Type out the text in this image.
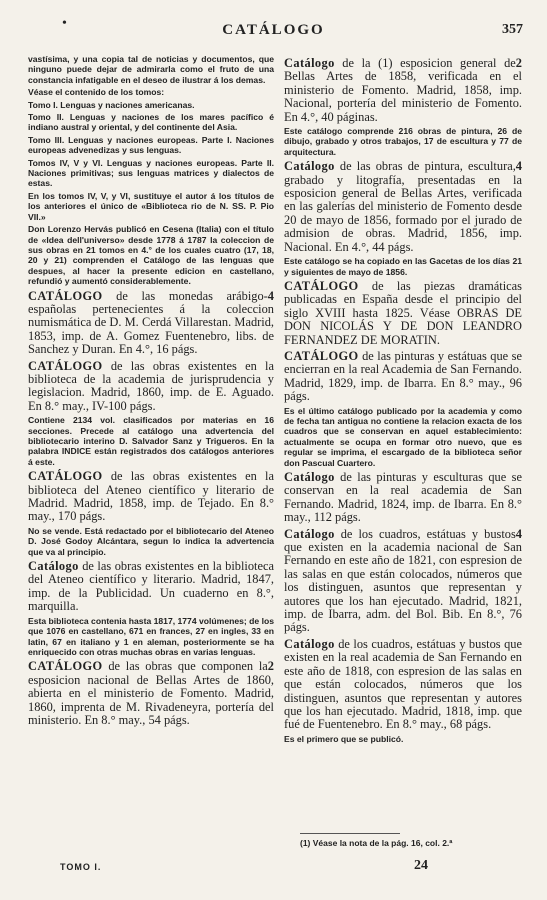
•	CATÁLOGO	357

vastísima, y una copia tal de noticias y documentos, que ninguno puede dejar de admirarla como el fruto de una constancia infatigable en el deseo de ilustrar á los demas.

Véase el contenido de los tomos:

Tomo I. Lenguas y naciones americanas.

Tomo II. Lenguas y naciones de los mares pacífico é indiano austral y oriental, y del continente del Asia.

Tomo III. Lenguas y naciones europeas. Parte I. Naciones europeas advenedizas y sus lenguas.

Tomos IV, V y VI. Lenguas y naciones europeas. Parte II. Naciones primitivas; sus lenguas matrices y dialectos de estas.

En los tomos IV, V, y VI, sustituye el autor á los títulos de los anteriores el único de «Biblioteca rio de N. SS. P. Pio VII.»

Don Lorenzo Hervás publicó en Cesena (Italia) con el título de «Idea dell'universo» desde 1778 á 1787 la coleccion de sus obras en 21 tomos en 4.° de los cuales cuatro (17, 18, 20 y 21) comprenden el Catálogo de las lenguas que despues, al hacer la presente edicion en castellano, refundió y aumentó considerablemente.

4
CATÁLOGO de las monedas arábigo-españolas pertenecientes á la coleccion numismática de D. M. Cerdá Villarestan. Madrid, 1853, imp. de A. Gomez Fuentenebro, libs. de Sanchez y Duran. En 4.°, 16 págs.

CATÁLOGO de las obras existentes en la biblioteca de la academia de jurisprudencia y legislacion. Madrid, 1860, imp. de E. Aguado. En 8.° may., IV-100 págs.

Contiene 2134 vol. clasificados por materias en 16 secciones. Precede al catálogo una advertencia del bibliotecario interino D. Salvador Sanz y Trigueros. En la palabra INDICE están registrados dos catálogos anteriores á este.

CATÁLOGO de las obras existentes en la biblioteca del Ateneo científico y literario de Madrid. Madrid, 1858, imp. de Tejado. En 8.° may., 170 págs.

No se vende. Está redactado por el bibliotecario del Ateneo D. José Godoy Alcántara, segun lo indica la advertencia que va al principio.

Catálogo de las obras existentes en la biblioteca del Ateneo científico y literario. Madrid, 1847, imp. de la Publicidad. Un cuaderno en 8.°, marquilla.

Esta biblioteca contenia hasta 1817, 1774 volúmenes; de los que 1076 en castellano, 671 en frances, 27 en ingles, 33 en latin, 67 en italiano y 1 en aleman, posteriormente se ha enriquecido con otras muchas obras en varias lenguas.

2
CATÁLOGO de las obras que componen la esposicion nacional de Bellas Artes de 1860, abierta en el ministerio de Fomento. Madrid, 1860, imprenta de M. Rivadeneyra, portería del ministerio. En 8.° may., 54 págs.

2
Catálogo de la (1) esposicion general de Bellas Artes de 1858, verificada en el ministerio de Fomento. Madrid, 1858, imp. Nacional, portería del ministerio de Fomento. En 4.°, 40 páginas.

Este catálogo comprende 216 obras de pintura, 26 de dibujo, grabado y otros trabajos, 17 de escultura y 77 de arquitectura.

4
Catálogo de las obras de pintura, escultura, grabado y litografía, presentadas en la esposicion general de Bellas Artes, verificada en las galerías del ministerio de Fomento desde 20 de mayo de 1856, formado por el jurado de admision de obras. Madrid, 1856, imp. Nacional. En 4.°, 44 págs.

Este catálogo se ha copiado en las Gacetas de los días 21 y siguientes de mayo de 1856.

CATÁLOGO de las piezas dramáticas publicadas en España desde el principio del siglo XVIII hasta 1825. Véase OBRAS DE DON NICOLÁS Y DE DON LEANDRO FERNANDEZ DE MORATIN.

CATÁLOGO de las pinturas y estátuas que se encierran en la real Academia de San Fernando. Madrid, 1829, imp. de Ibarra. En 8.° may., 96 págs.

Es el último catálogo publicado por la academia y como de fecha tan antigua no contiene la relacion exacta de los cuadros que se conservan en aquel establecimiento: actualmente se ocupa en formar otro nuevo, que es regular se imprima, el escargado de la biblioteca señor don Pascual Cuartero.

Catálogo de las pinturas y esculturas que se conservan en la real academia de San Fernando. Madrid, 1824, imp. de Ibarra. En 8.° may., 112 págs.

4
Catálogo de los cuadros, estátuas y bustos que existen en la academia nacional de San Fernando en este año de 1821, con espresion de las salas en que están colocados, números que los distinguen, asuntos que representan y autores que los han ejecutado. Madrid, 1821, imp. de Ibarra, adm. del Bol. Bib. En 8.°, 76 págs.

Catálogo de los cuadros, estátuas y bustos que existen en la real academia de San Fernando en este año de 1818, con espresion de las salas en que están colocados, números que los distinguen, asuntos que representan y autores que los han ejecutado. Madrid, 1818, imp. que fué de Fuentenebro. En 8.° may., 68 págs.

Es el primero que se publicó.

(1) Véase la nota de la pág. 16, col. 2.ª
24
TOMO I.
